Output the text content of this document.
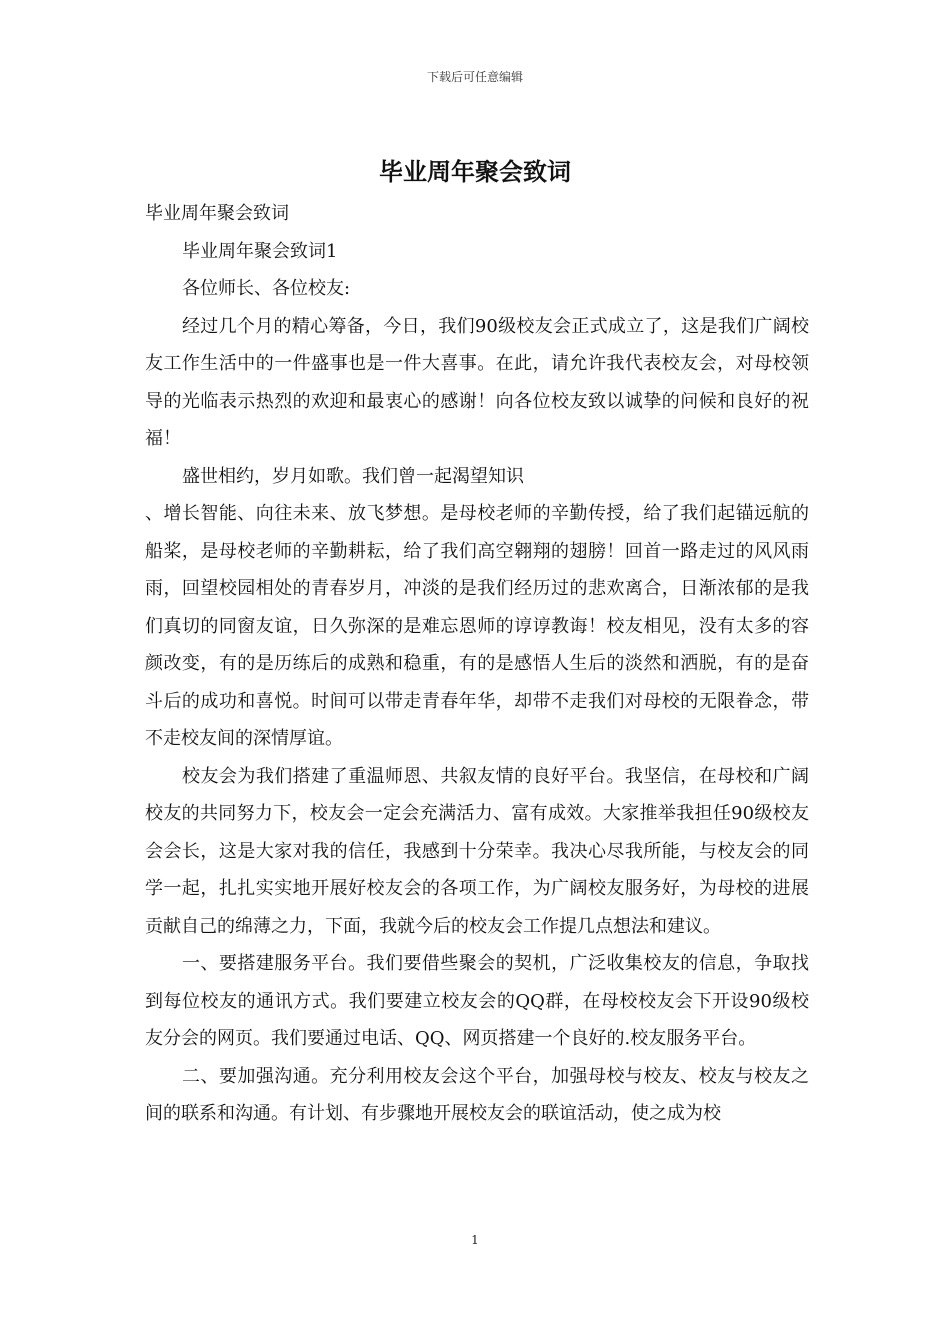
下载后可任意编辑
毕业周年聚会致词

毕业周年聚会致词

毕业周年聚会致词1

各位师长、各位校友:

经过几个月的精心筹备，今日，我们90级校友会正式成立了，这是我们广阔校友工作生活中的一件盛事也是一件大喜事。在此，请允许我代表校友会，对母校领导的光临表示热烈的欢迎和最衷心的感谢！向各位校友致以诚挚的问候和良好的祝福！

盛世相约，岁月如歌。我们曾一起渴望知识

、增长智能、向往未来、放飞梦想。是母校老师的辛勤传授，给了我们起锚远航的船桨，是母校老师的辛勤耕耘，给了我们高空翱翔的翅膀！回首一路走过的风风雨雨，回望校园相处的青春岁月，冲淡的是我们经历过的悲欢离合，日渐浓郁的是我们真切的同窗友谊，日久弥深的是难忘恩师的谆谆教诲！校友相见，没有太多的容颜改变，有的是历练后的成熟和稳重，有的是感悟人生后的淡然和洒脱，有的是奋斗后的成功和喜悦。时间可以带走青春年华，却带不走我们对母校的无限眷念，带不走校友间的深情厚谊。

校友会为我们搭建了重温师恩、共叙友情的良好平台。我坚信，在母校和广阔校友的共同努力下，校友会一定会充满活力、富有成效。大家推举我担任90级校友会会长，这是大家对我的信任，我感到十分荣幸。我决心尽我所能，与校友会的同学一起，扎扎实实地开展好校友会的各项工作，为广阔校友服务好，为母校的进展贡献自己的绵薄之力，下面，我就今后的校友会工作提几点想法和建议。

一、要搭建服务平台。我们要借些聚会的契机，广泛收集校友的信息，争取找到每位校友的通讯方式。我们要建立校友会的QQ群，在母校校友会下开设90级校友分会的网页。我们要通过电话、QQ、网页搭建一个良好的.校友服务平台。

二、要加强沟通。充分利用校友会这个平台，加强母校与校友、校友与校友之间的联系和沟通。有计划、有步骤地开展校友会的联谊活动，使之成为校

1
